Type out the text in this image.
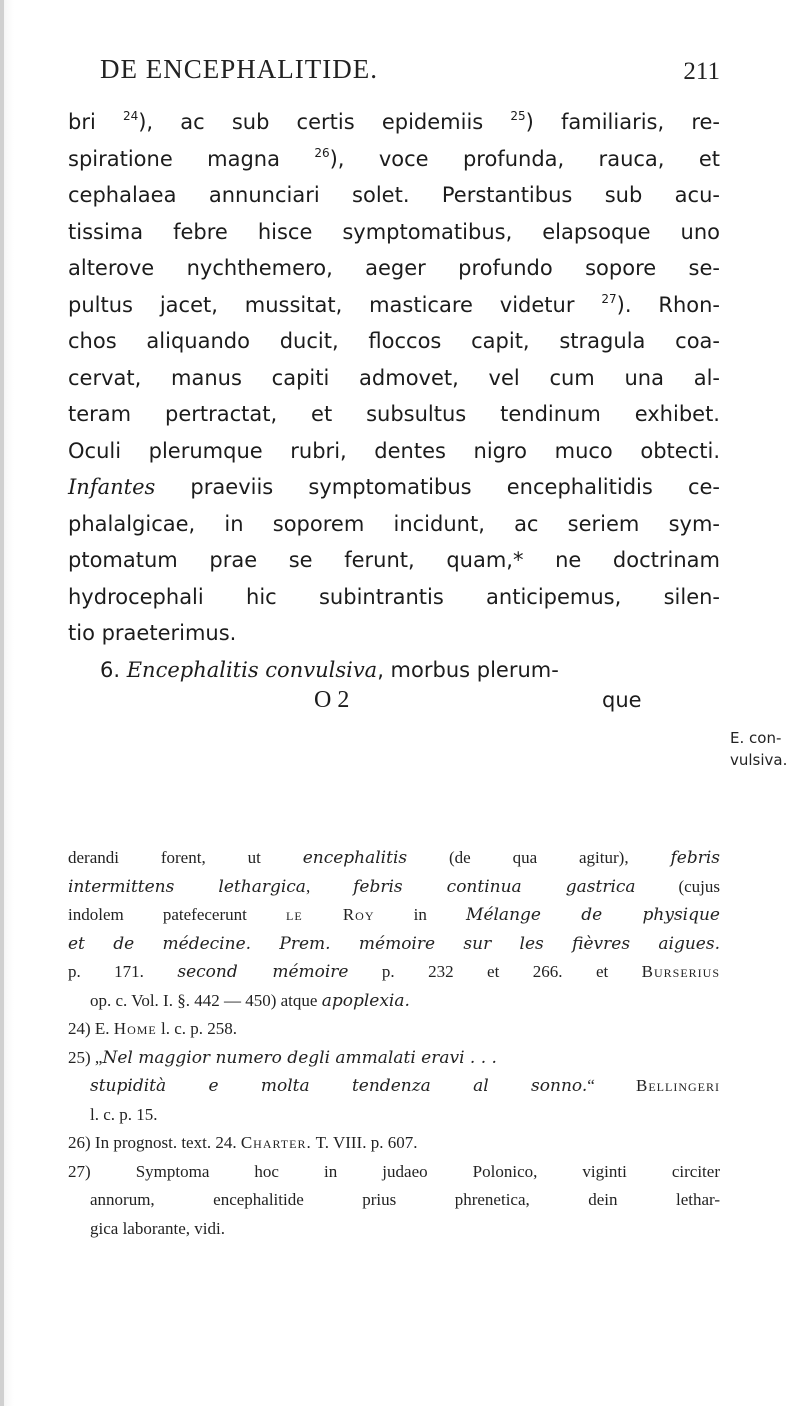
DE ENCEPHALITIDE.	211
bri $^{24}$), ac sub certis epidemiis $^{25}$) familiaris, re-
spiratione magna $^{26}$), voce profunda, rauca, et
cephalaea annunciari solet. Perstantibus sub acu-
tissima febre hisce symptomatibus, elapsoque uno
alterove nychthemero, aeger profundo sopore se-
pultus jacet, mussitat, masticare videtur $^{27}$). Rhon-
chos aliquando ducit, floccos capit, stragula coa-
cervat, manus capiti admovet, vel cum una al-
teram pertractat, et subsultus tendinum exhibet.
Oculi plerumque rubri, dentes nigro muco obtecti.
Infantes praeviis symptomatibus encephalitidis ce-
phalalgicae, in soporem incidunt, ac seriem sym-
ptomatum prae se ferunt, quam,* ne doctrinam
hydrocephali hic subintrantis anticipemus, silen-
tio praeterimus.
6. Encephalitis convulsiva, morbus plerum-
O 2	que
E. con-
vulsiva.
derandi forent, ut encephalitis (de qua agitur), febris
intermittens lethargica, febris continua gastrica (cujus
indolem patefecerunt le Roy in Mélange de physique
et de médecine. Prem. mémoire sur les fièvres aigues.
p. 171. second mémoire p. 232 et 266. et Burserius
op. c. Vol. I. §. 442 — 450) atque apoplexia.
24) E. Home l. c. p. 258.
25) „Nel maggior numero degli ammalati eravi . . .
stupidità e molta tendenza al sonno.“ Bellingeri
l. c. p. 15.
26) In prognost. text. 24. Charter. T. VIII. p. 607.
27) Symptoma hoc in judaeo Polonico, viginti circiter
annorum, encephalitide prius phrenetica, dein lethar-
gica laborante, vidi.
